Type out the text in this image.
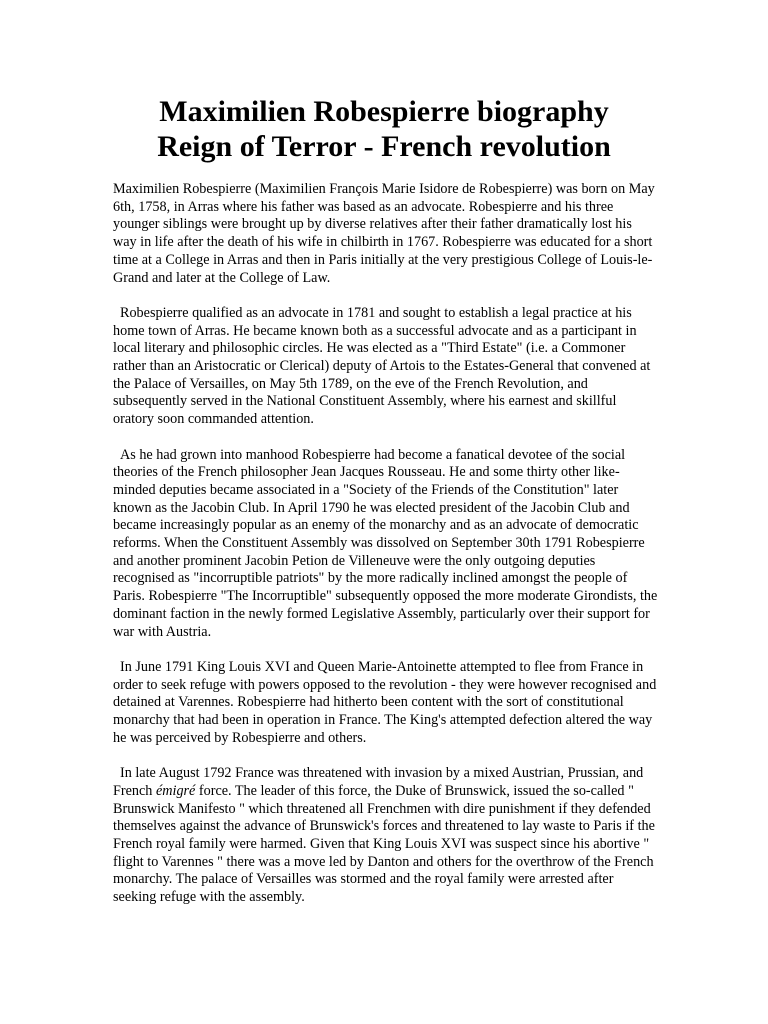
Maximilien Robespierre biography
Reign of Terror - French revolution

Maximilien Robespierre (Maximilien François Marie Isidore de Robespierre) was born on May 6th, 1758, in Arras where his father was based as an advocate. Robespierre and his three younger siblings were brought up by diverse relatives after their father dramatically lost his way in life after the death of his wife in chilbirth in 1767. Robespierre was educated for a short time at a College in Arras and then in Paris initially at the very prestigious College of Louis-le-Grand and later at the College of Law.

Robespierre qualified as an advocate in 1781 and sought to establish a legal practice at his home town of Arras. He became known both as a successful advocate and as a participant in local literary and philosophic circles. He was elected as a "Third Estate" (i.e. a Commoner rather than an Aristocratic or Clerical) deputy of Artois to the Estates-General that convened at the Palace of Versailles, on May 5th 1789, on the eve of the French Revolution, and subsequently served in the National Constituent Assembly, where his earnest and skillful oratory soon commanded attention.

As he had grown into manhood Robespierre had become a fanatical devotee of the social theories of the French philosopher Jean Jacques Rousseau. He and some thirty other like-minded deputies became associated in a "Society of the Friends of the Constitution" later known as the Jacobin Club. In April 1790 he was elected president of the Jacobin Club and became increasingly popular as an enemy of the monarchy and as an advocate of democratic reforms. When the Constituent Assembly was dissolved on September 30th 1791 Robespierre and another prominent Jacobin Petion de Villeneuve were the only outgoing deputies recognised as "incorruptible patriots" by the more radically inclined amongst the people of Paris. Robespierre "The Incorruptible" subsequently opposed the more moderate Girondists, the dominant faction in the newly formed Legislative Assembly, particularly over their support for war with Austria.

In June 1791 King Louis XVI and Queen Marie-Antoinette attempted to flee from France in order to seek refuge with powers opposed to the revolution - they were however recognised and detained at Varennes. Robespierre had hitherto been content with the sort of constitutional monarchy that had been in operation in France. The King's attempted defection altered the way he was perceived by Robespierre and others.

In late August 1792 France was threatened with invasion by a mixed Austrian, Prussian, and French émigré force. The leader of this force, the Duke of Brunswick, issued the so-called " Brunswick Manifesto " which threatened all Frenchmen with dire punishment if they defended themselves against the advance of Brunswick's forces and threatened to lay waste to Paris if the French royal family were harmed. Given that King Louis XVI was suspect since his abortive " flight to Varennes " there was a move led by Danton and others for the overthrow of the French monarchy. The palace of Versailles was stormed and the royal family were arrested after seeking refuge with the assembly.
